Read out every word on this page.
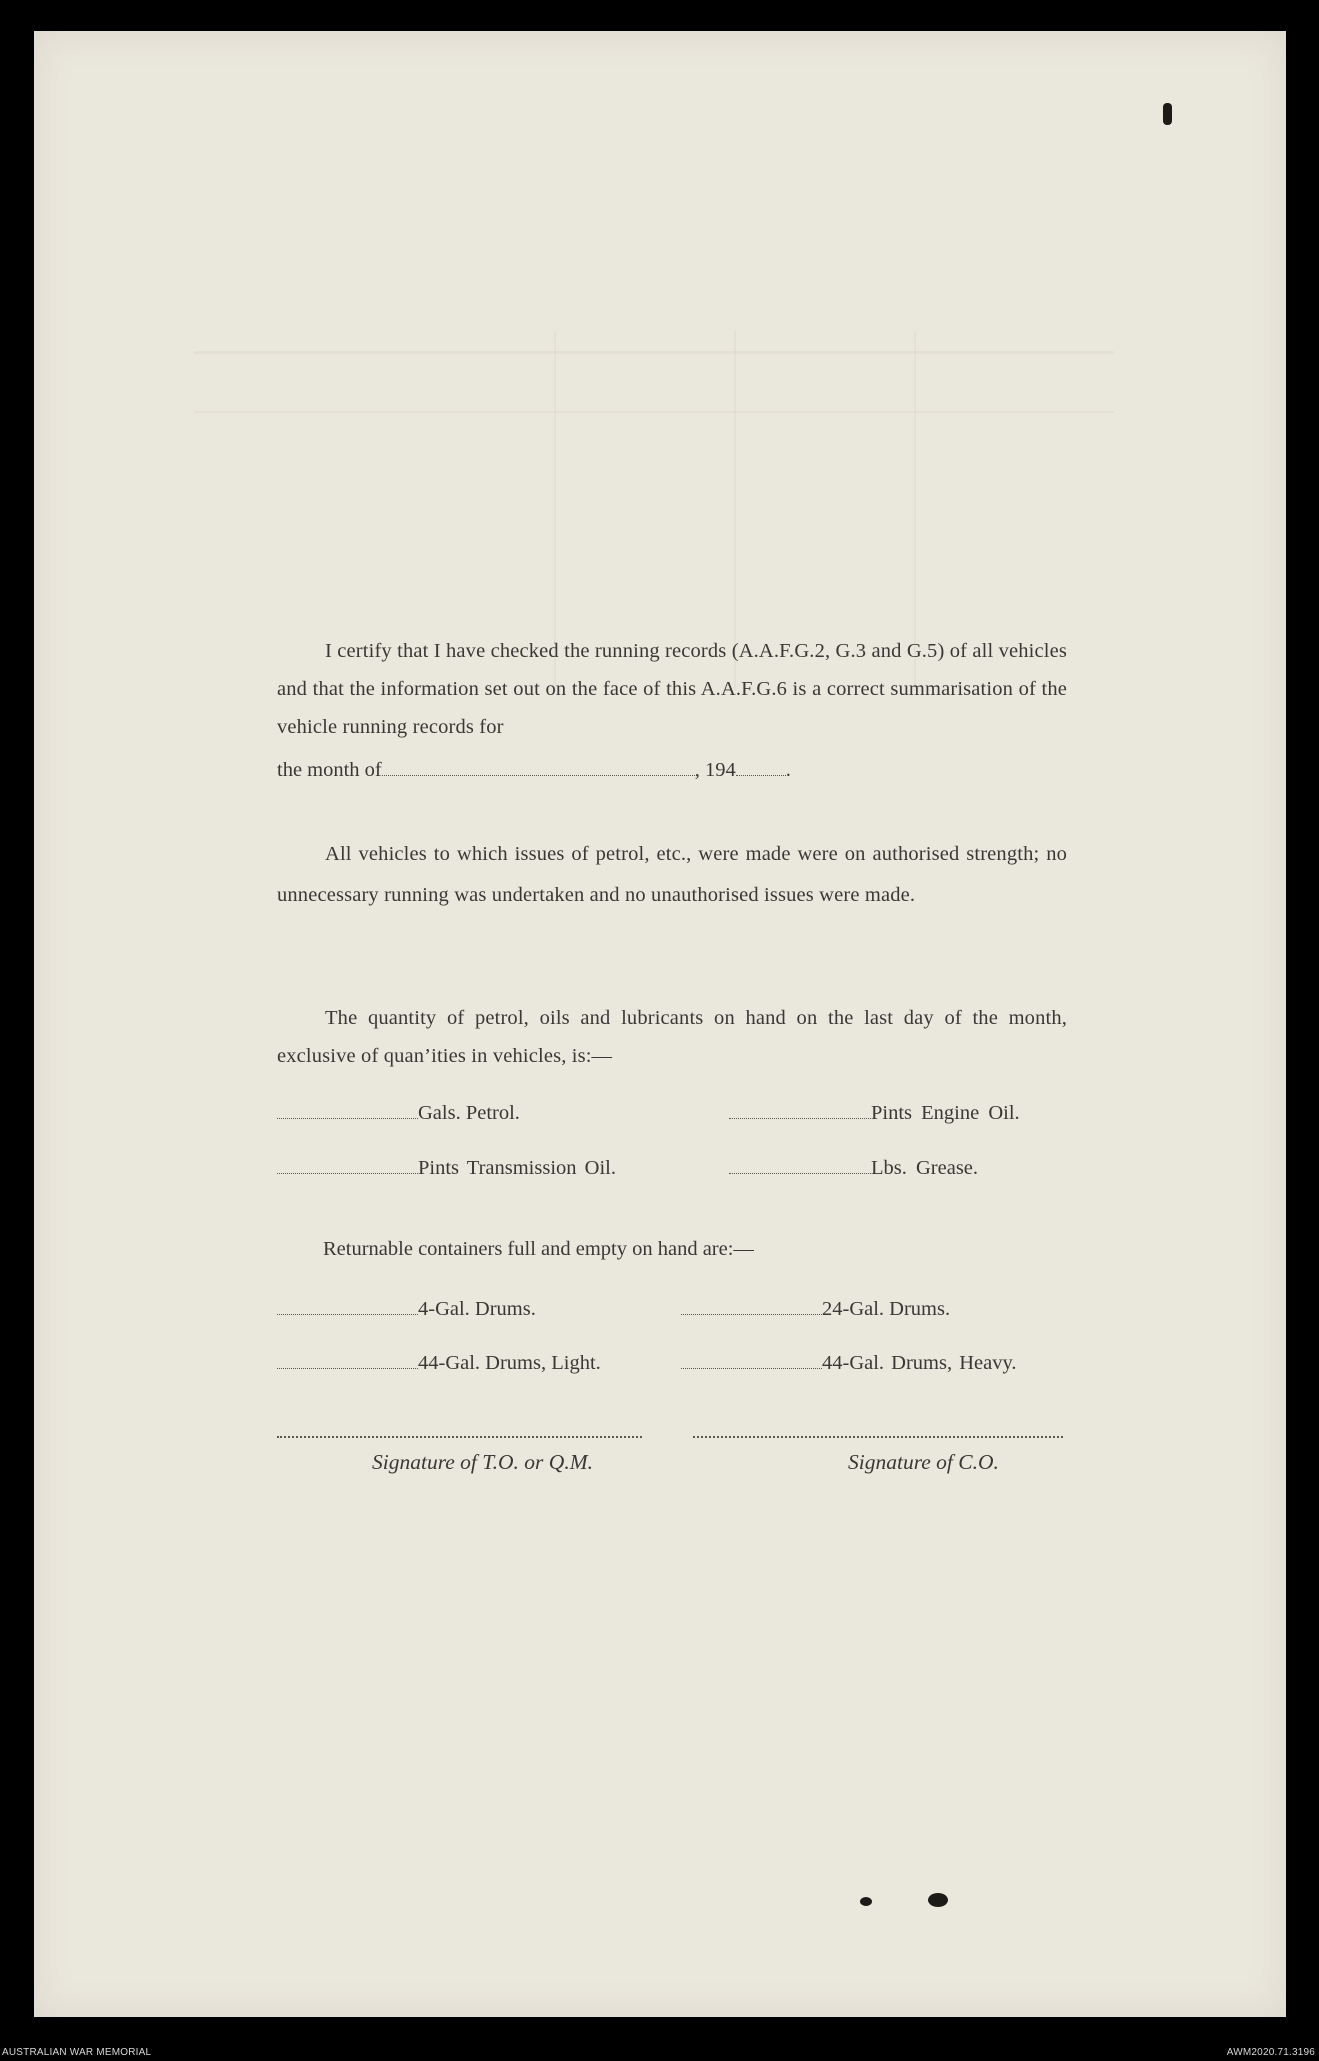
I certify that I have checked the running records (A.A.F.G.2, G.3 and G.5) of all vehicles and that the information set out on the face of this A.A.F.G.6 is a correct summarisation of the vehicle running records for
the month of	, 194 .
All vehicles to which issues of petrol, etc., were made were on authorised strength; no unnecessary running was undertaken and no unauthorised issues were made.
The quantity of petrol, oils and lubricants on hand on the last day of the month, exclusive of quan’ities in vehicles, is:—
Gals. Petrol.	Pints Engine Oil.
Pints Transmission Oil.	Lbs. Grease.
Returnable containers full and empty on hand are:—
4-Gal. Drums.	24-Gal. Drums.
44-Gal. Drums, Light.	44-Gal. Drums, Heavy.
Signature of T.O. or Q.M.	Signature of C.O.
AUSTRALIAN WAR MEMORIAL	AWM2020.71.3196
